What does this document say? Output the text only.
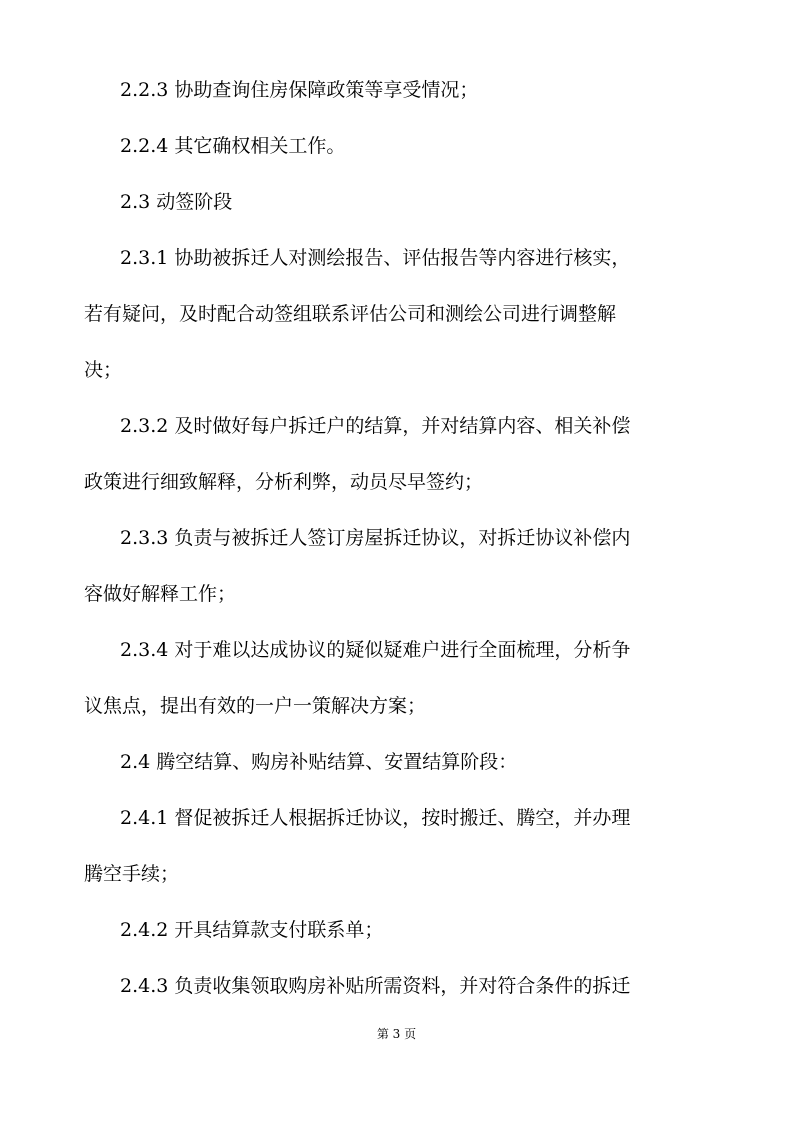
2.2.3 协助查询住房保障政策等享受情况；
2.2.4 其它确权相关工作。
2.3 动签阶段
2.3.1 协助被拆迁人对测绘报告、评估报告等内容进行核实，
若有疑问，及时配合动签组联系评估公司和测绘公司进行调整解
决；
2.3.2 及时做好每户拆迁户的结算，并对结算内容、相关补偿
政策进行细致解释，分析利弊，动员尽早签约；
2.3.3 负责与被拆迁人签订房屋拆迁协议，对拆迁协议补偿内
容做好解释工作；
2.3.4 对于难以达成协议的疑似疑难户进行全面梳理，分析争
议焦点，提出有效的一户一策解决方案；
2.4 腾空结算、购房补贴结算、安置结算阶段：
2.4.1 督促被拆迁人根据拆迁协议，按时搬迁、腾空，并办理
腾空手续；
2.4.2 开具结算款支付联系单；
2.4.3 负责收集领取购房补贴所需资料，并对符合条件的拆迁
第 3 页
